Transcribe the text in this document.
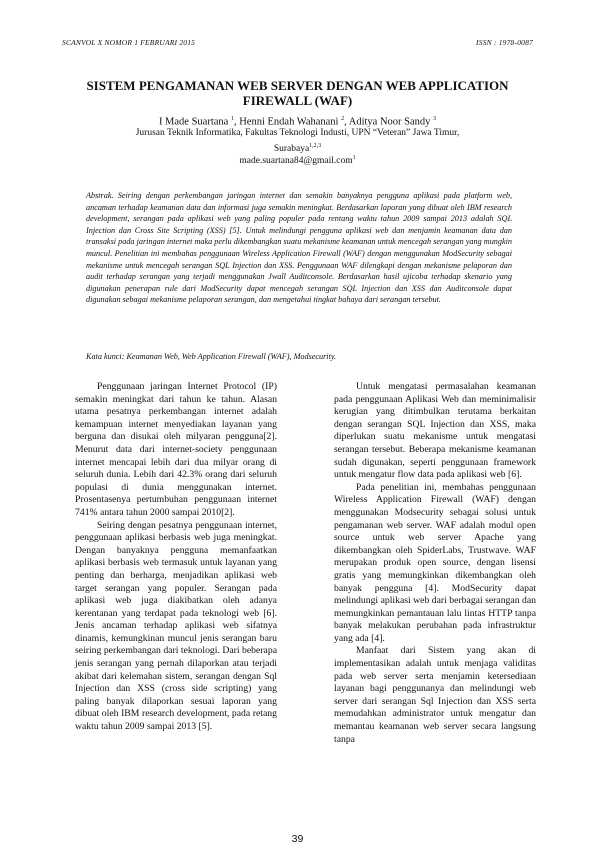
SCANVOL X NOMOR 1 FEBRUARI 2015	ISSN : 1978-0087
SISTEM PENGAMANAN WEB SERVER DENGAN WEB APPLICATION FIREWALL (WAF)
I Made Suartana $^1$, Henni Endah Wahanani $^2$, Aditya Noor Sandy $^3$
Jurusan Teknik Informatika, Fakultas Teknologi Industi, UPN “Veteran” Jawa Timur,
Surabaya$^{1,2,3}$
made.suartana84@gmail.com$^1$
Abstrak. Seiring dengan perkembangan jaringan internet dan semakin banyaknya pengguna aplikasi pada platform web, ancaman terhadap keamanan data dan informasi juga semakin meningkat. Berdasarkan laporan yang dibuat oleh IBM research development, serangan pada aplikasi web yang paling populer pada rentang waktu tahun 2009 sampai 2013 adalah SQL Injection dan Cross Site Scripting (XSS) [5]. Untuk melindungi pengguna aplikasi web dan menjamin keamanan data dan transaksi pada jaringan internet maka perlu dikembangkan suatu mekanisme keamanan untuk mencegah serangan yang mungkin muncul. Penelitian ini membahas penggunaan Wireless Application Firewall (WAF) dengan menggunakan ModSecurity sebagai mekanisme untuk mencegah serangan SQL Injection dan XSS. Penggunaan WAF dilengkapi dengan mekanisme pelaporan dan audit terhadap serangan yang terjadi menggunakan Jwall Auditconsole. Berdasarkan hasil ujicoba terhadap skenario yang digunakan penerapan rule dari ModSecurity dapat mencegah serangan SQL Injection dan XSS dan Auditconsole dapat digunakan sebagai mekanisme pelaporan serangan, dan mengetahui tingkat bahaya dari serangan tersebut.
Kata kunci: Keamanan Web, Web Application Firewall (WAF), Modsecurity.

Penggunaan jaringan Internet Protocol (IP) semakin meningkat dari tahun ke tahun. Alasan utama pesatnya perkembangan internet adalah kemampuan internet menyediakan layanan yang berguna dan disukai oleh milyaran pengguna[2]. Menurut data dari internet-society penggunaan internet mencapai lebih dari dua milyar orang di seluruh dunia. Lebih dari 42.3% orang dari seluruh populasi di dunia menggunakan internet. Prosentasenya pertumbuhan penggunaan internet 741% antara tahun 2000 sampai 2010[2].

Seiring dengan pesatnya penggunaan internet, penggunaan aplikasi berbasis web juga meningkat. Dengan banyaknya pengguna memanfaatkan aplikasi berbasis web termasuk untuk layanan yang penting dan berharga, menjadikan aplikasi web target serangan yang populer. Serangan pada aplikasi web juga diakibatkan oleh adanya kerentanan yang terdapat pada teknologi web [6]. Jenis ancaman terhadap aplikasi web sifatnya dinamis, kemungkinan muncul jenis serangan baru seiring perkembangan dari teknologi. Dari beberapa jenis serangan yang pernah dilaporkan atau terjadi akibat dari kelemahan sistem, serangan dengan Sql Injection dan XSS (cross side scripting) yang paling banyak dilaporkan sesuai laporan yang dibuat oleh IBM research development, pada retang waktu tahun 2009 sampai 2013 [5].

Untuk mengatasi permasalahan keamanan pada penggunaan Aplikasi Web dan meminimalisir kerugian yang ditimbulkan terutama berkaitan dengan serangan SQL Injection dan XSS, maka diperlukan suatu mekanisme untuk mengatasi serangan tersebut. Beberapa mekanisme keamanan sudah digunakan, seperti penggunaan framework untuk mengatur flow data pada aplikasi web [6].

Pada penelitian ini, membahas penggunaan Wireless Application Firewall (WAF) dengan menggunakan Modsecurity sebagai solusi untuk pengamanan web server. WAF adalah modul open source untuk web server Apache yang dikembangkan oleh SpiderLabs, Trustwave. WAF merupakan produk open source, dengan lisensi gratis yang memungkinkan dikembangkan oleh banyak pengguna [4]. ModSecurity dapat melindungi aplikasi web dari berbagai serangan dan memungkinkan pemantauan lalu lintas HTTP tanpa banyak melakukan perubahan pada infrastruktur yang ada [4].

Manfaat dari Sistem yang akan di implementasikan adalah untuk menjaga validitas pada web server serta menjamin ketersediaan layanan bagi penggunanya dan melindungi web server dari serangan Sql Injection dan XSS serta memudahkan administrator untuk mengatur dan memantau keamanan web server secara langsung tanpa

39
